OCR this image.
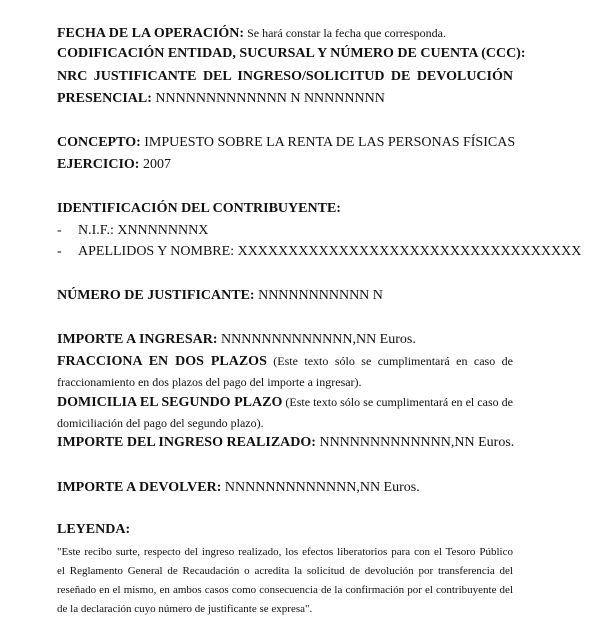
FECHA DE LA OPERACIÓN: Se hará constar la fecha que corresponda.
CODIFICACIÓN ENTIDAD, SUCURSAL Y NÚMERO DE CUENTA (CCC):
NRC JUSTIFICANTE DEL INGRESO/SOLICITUD DE DEVOLUCIÓN
PRESENCIAL: NNNNNNNNNNNNN N NNNNNNNN
CONCEPTO: IMPUESTO SOBRE LA RENTA DE LAS PERSONAS FÍSICAS
EJERCICIO: 2007
IDENTIFICACIÓN DEL CONTRIBUYENTE:
- N.I.F.: XNNNNNNNX
- APELLIDOS Y NOMBRE: XXXXXXXXXXXXXXXXXXXXXXXXXXXXXXXXXX
NÚMERO DE JUSTIFICANTE: NNNNNNNNNNN N
IMPORTE A INGRESAR: NNNNNNNNNNNNN,NN Euros.
FRACCIONA EN DOS PLAZOS (Este texto sólo se cumplimentará en caso de
fraccionamiento en dos plazos del pago del importe a ingresar).
DOMICILIA EL SEGUNDO PLAZO (Este texto sólo se cumplimentará en el caso de
domiciliación del pago del segundo plazo).
IMPORTE DEL INGRESO REALIZADO: NNNNNNNNNNNNN,NN Euros.
IMPORTE A DEVOLVER: NNNNNNNNNNNNN,NN Euros.
LEYENDA:
"Este recibo surte, respecto del ingreso realizado, los efectos liberatorios para con el Tesoro Público
el Reglamento General de Recaudación o acredita la solicitud de devolución por transferencia del
reseñado en el mismo, en ambos casos como consecuencia de la confirmación por el contribuyente del
de la declaración cuyo número de justificante se expresa".
